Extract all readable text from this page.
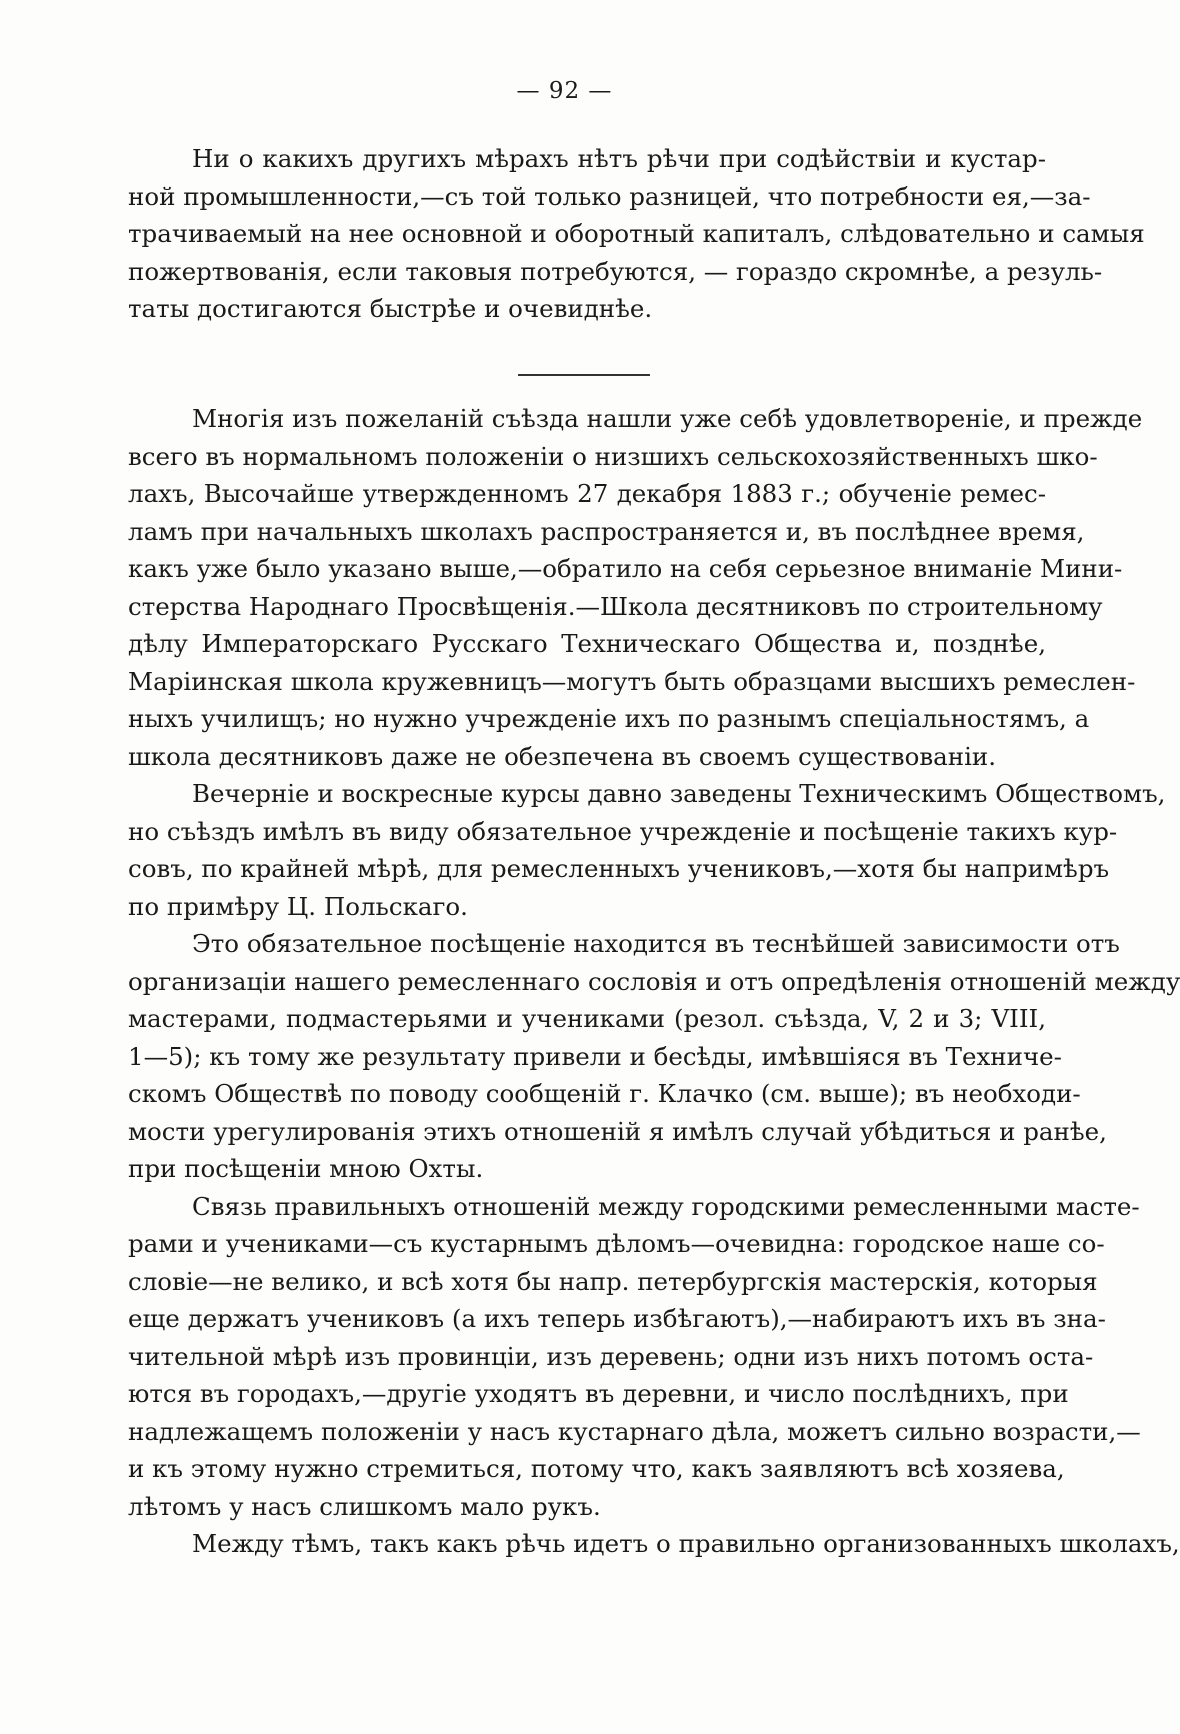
— 92 —
Ни о какихъ другихъ мѣрахъ нѣтъ рѣчи при содѣйствіи и кустар-
ной промышленности,—съ той только разницей, что потребности ея,—за-
трачиваемый на нее основной и оборотный капиталъ, слѣдовательно и самыя
пожертвованія, если таковыя потребуются, — гораздо скромнѣе, а резуль-
таты достигаются быстрѣе и очевиднѣе.
Многія изъ пожеланій съѣзда нашли уже себѣ удовлетвореніе, и прежде
всего въ нормальномъ положеніи о низшихъ сельскохозяйственныхъ шко-
лахъ, Высочайше утвержденномъ 27 декабря 1883 г.; обученіе ремес-
ламъ при начальныхъ школахъ распространяется и, въ послѣднее время,
какъ уже было указано выше,—обратило на себя серьезное вниманіе Мини-
стерства Народнаго Просвѣщенія.—Школа десятниковъ по строительному
дѣлу Императорскаго Русскаго Техническаго Общества и, позднѣе,
Маріинская школа кружевницъ—могутъ быть образцами высшихъ ремеслен-
ныхъ училищъ; но нужно учрежденіе ихъ по разнымъ спеціальностямъ, а
школа десятниковъ даже не обезпечена въ своемъ существованіи.
Вечерніе и воскресные курсы давно заведены Техническимъ Обществомъ,
но съѣздъ имѣлъ въ виду обязательное учрежденіе и посѣщеніе такихъ кур-
совъ, по крайней мѣрѣ, для ремесленныхъ учениковъ,—хотя бы напримѣръ
по примѣру Ц. Польскаго.
Это обязательное посѣщеніе находится въ теснѣйшей зависимости отъ
организаціи нашего ремесленнаго сословія и отъ опредѣленія отношеній между
мастерами, подмастерьями и учениками (резол. съѣзда, V, 2 и 3; VIII,
1—5); къ тому же результату привели и бесѣды, имѣвшіяся въ Техниче-
скомъ Обществѣ по поводу сообщеній г. Клачко (см. выше); въ необходи-
мости урегулированія этихъ отношеній я имѣлъ случай убѣдиться и ранѣе,
при посѣщеніи мною Охты.
Связь правильныхъ отношеній между городскими ремесленными масте-
рами и учениками—съ кустарнымъ дѣломъ—очевидна: городское наше со-
словіе—не велико, и всѣ хотя бы напр. петербургскія мастерскія, которыя
еще держатъ учениковъ (а ихъ теперь избѣгаютъ),—набираютъ ихъ въ зна-
чительной мѣрѣ изъ провинціи, изъ деревень; одни изъ нихъ потомъ оста-
ются въ городахъ,—другіе уходятъ въ деревни, и число послѣднихъ, при
надлежащемъ положеніи у насъ кустарнаго дѣла, можетъ сильно возрасти,—
и къ этому нужно стремиться, потому что, какъ заявляютъ всѣ хозяева,
лѣтомъ у насъ слишкомъ мало рукъ.
Между тѣмъ, такъ какъ рѣчь идетъ о правильно организованныхъ школахъ,
